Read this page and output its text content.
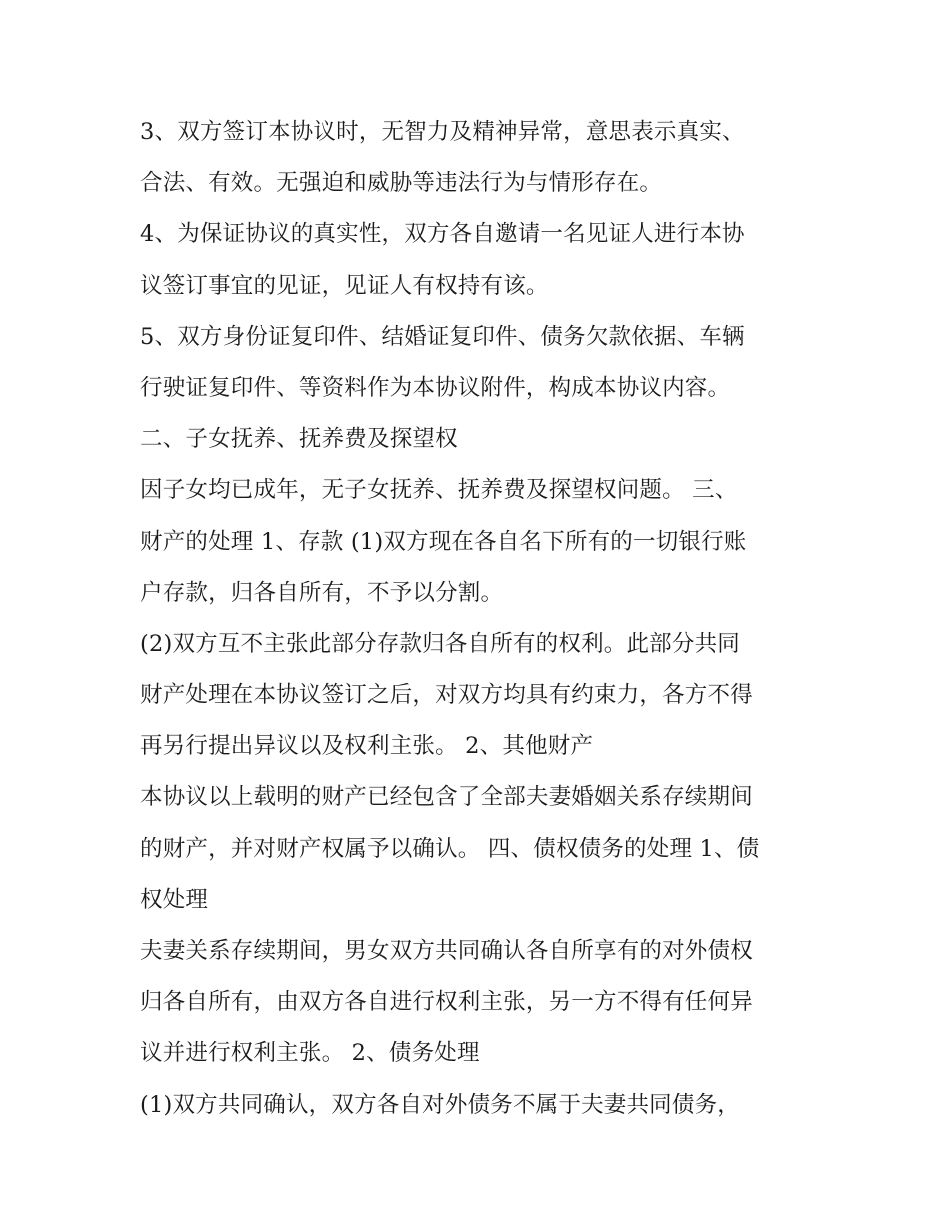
3、双方签订本协议时，无智力及精神异常，意思表示真实、
合法、有效。无强迫和威胁等违法行为与情形存在。
4、为保证协议的真实性，双方各自邀请一名见证人进行本协
议签订事宜的见证，见证人有权持有该。
5、双方身份证复印件、结婚证复印件、债务欠款依据、车辆
行驶证复印件、等资料作为本协议附件，构成本协议内容。
二、子女抚养、抚养费及探望权
因子女均已成年，无子女抚养、抚养费及探望权问题。 三、
财产的处理 1、存款 (1)双方现在各自名下所有的一切银行账
户存款，归各自所有，不予以分割。
(2)双方互不主张此部分存款归各自所有的权利。此部分共同
财产处理在本协议签订之后，对双方均具有约束力，各方不得
再另行提出异议以及权利主张。 2、其他财产
本协议以上载明的财产已经包含了全部夫妻婚姻关系存续期间
的财产，并对财产权属予以确认。 四、债权债务的处理 1、债
权处理
夫妻关系存续期间，男女双方共同确认各自所享有的对外债权
归各自所有，由双方各自进行权利主张，另一方不得有任何异
议并进行权利主张。 2、债务处理
(1)双方共同确认，双方各自对外债务不属于夫妻共同债务，
